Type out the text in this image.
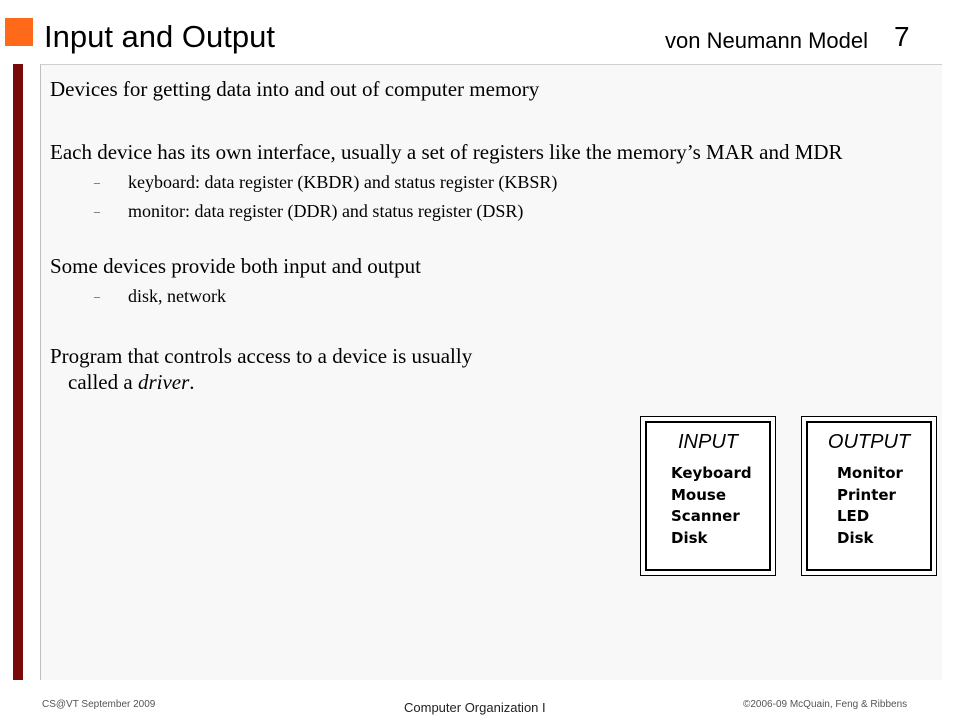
Input and Output	von Neumann Model 7

Devices for getting data into and out of computer memory

Each device has its own interface, usually a set of registers like the memory’s MAR and MDR

– keyboard: data register (KBDR) and status register (KBSR)

– monitor: data register (DDR) and status register (DSR)

Some devices provide both input and output

– disk, network

Program that controls access to a device is usually called a driver.

INPUT
Keyboard
Mouse
Scanner
Disk
OUTPUT
Monitor
Printer
LED
Disk
CS@VT September 2009	Computer Organization I	©2006-09 McQuain, Feng & Ribbens
